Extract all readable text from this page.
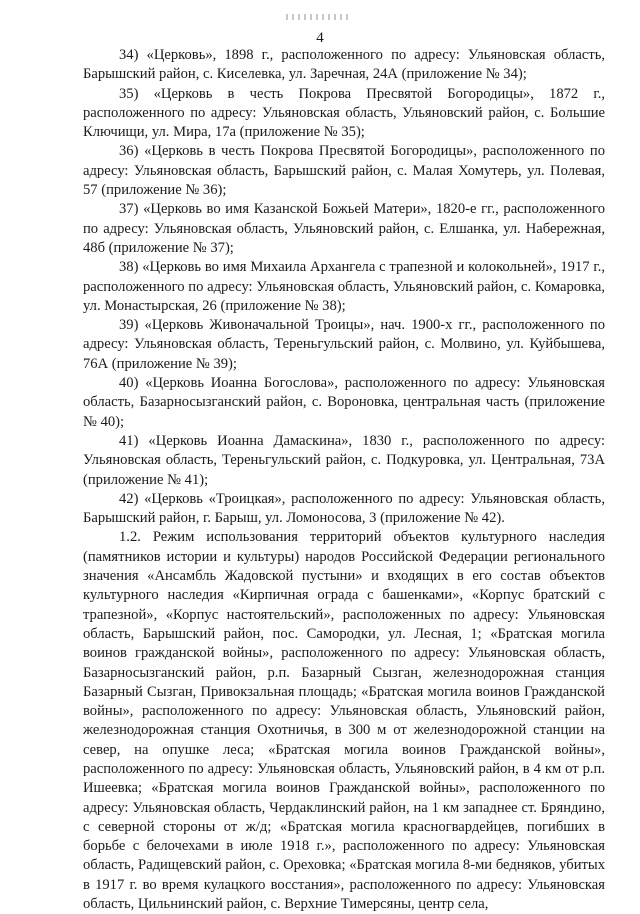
4

34) «Церковь», 1898 г., расположенного по адресу: Ульяновская область, Барышский район, с. Киселевка, ул. Заречная, 24А (приложение № 34);

35) «Церковь в честь Покрова Пресвятой Богородицы», 1872 г., расположенного по адресу: Ульяновская область, Ульяновский район, с. Большие Ключищи, ул. Мира, 17а (приложение № 35);

36) «Церковь в честь Покрова Пресвятой Богородицы», расположенного по адресу: Ульяновская область, Барышский район, с. Малая Хомутерь, ул. Полевая, 57 (приложение № 36);

37) «Церковь во имя Казанской Божьей Матери», 1820-е гг., расположенного по адресу: Ульяновская область, Ульяновский район, с. Елшанка, ул. Набережная, 48б (приложение № 37);

38) «Церковь во имя Михаила Архангела с трапезной и колокольней», 1917 г., расположенного по адресу: Ульяновская область, Ульяновский район, с. Комаровка, ул. Монастырская, 26 (приложение № 38);

39) «Церковь Живоначальной Троицы», нач. 1900-х гг., расположенного по адресу: Ульяновская область, Тереньгульский район, с. Молвино, ул. Куйбышева, 76А (приложение № 39);

40) «Церковь Иоанна Богослова», расположенного по адресу: Ульяновская область, Базарносызганский район, с. Вороновка, центральная часть (приложение № 40);

41) «Церковь Иоанна Дамаскина», 1830 г., расположенного по адресу: Ульяновская область, Тереньгульский район, с. Подкуровка, ул. Центральная, 73А (приложение № 41);

42) «Церковь «Троицкая», расположенного по адресу: Ульяновская область, Барышский район, г. Барыш, ул. Ломоносова, 3 (приложение № 42).

1.2. Режим использования территорий объектов культурного наследия (памятников истории и культуры) народов Российской Федерации регионального значения «Ансамбль Жадовской пустыни» и входящих в его состав объектов культурного наследия «Кирпичная ограда с башенками», «Корпус братский с трапезной», «Корпус настоятельский», расположенных по адресу: Ульяновская область, Барышский район, пос. Самородки, ул. Лесная, 1; «Братская могила воинов гражданской войны», расположенного по адресу: Ульяновская область, Базарносызганский район, р.п. Базарный Сызган, железнодорожная станция Базарный Сызган, Привокзальная площадь; «Братская могила воинов Гражданской войны», расположенного по адресу: Ульяновская область, Ульяновский район, железнодорожная станция Охотничья, в 300 м от железнодорожной станции на север, на опушке леса; «Братская могила воинов Гражданской войны», расположенного по адресу: Ульяновская область, Ульяновский район, в 4 км от р.п. Ишеевка; «Братская могила воинов Гражданской войны», расположенного по адресу: Ульяновская область, Чердаклинский район, на 1 км западнее ст. Бряндино, с северной стороны от ж/д; «Братская могила красногвардейцев, погибших в борьбе с белочехами в июле 1918 г.», расположенного по адресу: Ульяновская область, Радищевский район, с. Ореховка; «Братская могила 8-ми бедняков, убитых в 1917 г. во время кулацкого восстания», расположенного по адресу: Ульяновская область, Цильнинский район, с. Верхние Тимерсяны, центр села,
